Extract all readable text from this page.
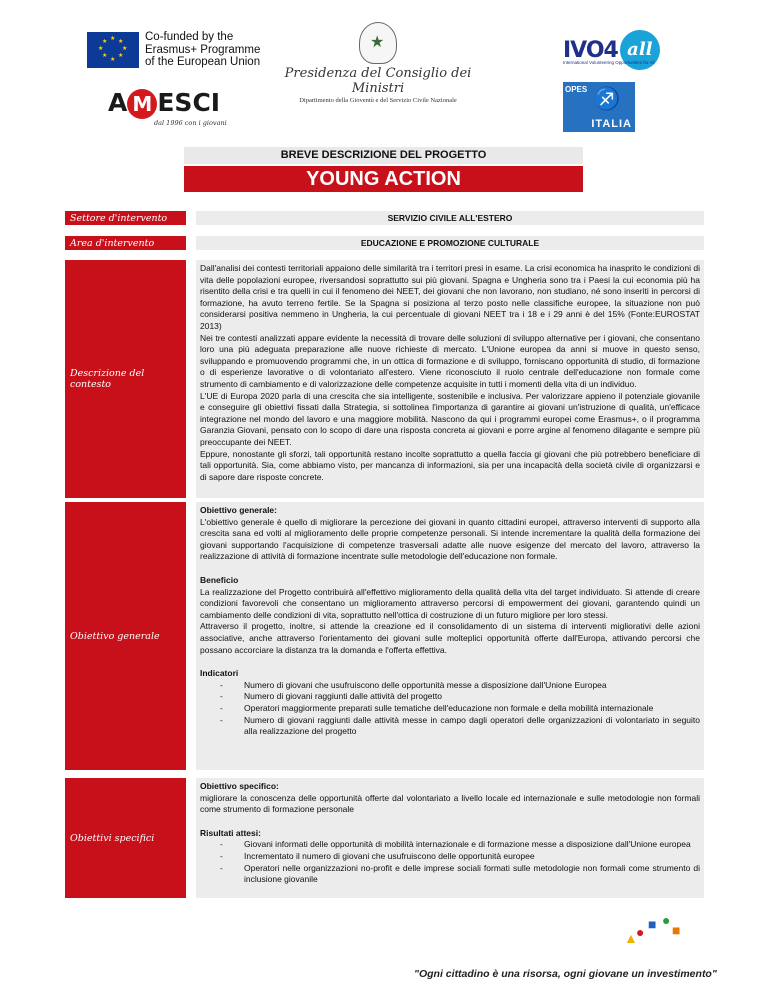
★ ★
★
★
★
★
★
★	Co-funded by the
Erasmus+ Programme
of the European Union
★
Presidenza del Consiglio dei Ministri
Dipartimento della Gioventù e del Servizio Civile Nazionale
IVO4 all
International Volunteering Opportunities for All
A M ESCI
dal 1996 con i giovani
OPES ♐
ITALIA
BREVE DESCRIZIONE DEL PROGETTO
YOUNG ACTION
Settore d'intervento	SERVIZIO CIVILE ALL'ESTERO
Area d'intervento	EDUCAZIONE E PROMOZIONE CULTURALE
Descrizione del contesto

Dall'analisi dei contesti territoriali appaiono delle similarità tra i territori presi in esame. La crisi economica ha inasprito le condizioni di vita delle popolazioni europee, riversandosi soprattutto sui più giovani. Spagna e Ungheria sono tra i Paesi la cui economia più ha risentito della crisi e tra quelli in cui il fenomeno dei NEET, dei giovani che non lavorano, non studiano, né sono inseriti in percorsi di formazione, ha avuto terreno fertile. Se la Spagna si posiziona al terzo posto nelle classifiche europee, la situazione non può considerarsi positiva nemmeno in Ungheria, la cui percentuale di giovani NEET tra i 18 e i 29 anni è del 15% (Fonte:EUROSTAT 2013)

Nei tre contesti analizzati appare evidente la necessità di trovare delle soluzioni di sviluppo alternative per i giovani, che consentano loro una più adeguata preparazione alle nuove richieste di mercato. L'Unione europea da anni si muove in questo senso, sviluppando e promuovendo programmi che, in un ottica di formazione e di sviluppo, forniscano opportunità di studio, di formazione o di esperienze lavorative o di volontariato all'estero. Viene riconosciuto il ruolo centrale dell'educazione non formale come strumento di cambiamento e di valorizzazione delle competenze acquisite in tutti i momenti della vita di un individuo.

L'UE di Europa 2020 parla di una crescita che sia intelligente, sostenibile e inclusiva. Per valorizzare appieno il potenziale giovanile e conseguire gli obiettivi fissati dalla Strategia, si sottolinea l'importanza di garantire ai giovani un'istruzione di qualità, un'efficace integrazione nel mondo del lavoro e una maggiore mobilità. Nascono da qui i programmi europei come Erasmus+, o il programma Garanzia Giovani, pensato con lo scopo di dare una risposta concreta ai giovani e porre argine al fenomeno dilagante e sempre più preoccupante dei NEET.

Eppure, nonostante gli sforzi, tali opportunità restano incolte soprattutto a quella faccia gi giovani che più potrebbero beneficiare di tali opportunità. Sia, come abbiamo visto, per mancanza di informazioni, sia per una incapacità della società civile di organizzarsi e di sapore dare risposte concrete.

Obiettivo generale

Obiettivo generale:

L'obiettivo generale è quello di migliorare la percezione dei giovani in quanto cittadini europei, attraverso interventi di supporto alla crescita sana ed volti al miglioramento delle proprie competenze personali. Si intende incrementare la qualità della formazione dei giovani supportando l'acquisizione di competenze trasversali adatte alle nuove esigenze del mercato del lavoro, attraverso la realizzazione di attività di formazione incentrate sulle metodologie dell'educazione non formale.

Beneficio

La realizzazione del Progetto contribuirà all'effettivo miglioramento della qualità della vita del target individuato. Si attende di creare condizioni favorevoli che consentano un miglioramento attraverso percorsi di empowerment dei giovani, garantendo quindi un cambiamento delle condizioni di vita, soprattutto nell'ottica di costruzione di un futuro migliore per loro stessi.

Attraverso il progetto, inoltre, si attende la creazione ed il consolidamento di un sistema di interventi migliorativi delle azioni associative, anche attraverso l'orientamento dei giovani sulle molteplici opportunità offerte dall'Europa, attivando percorsi che possano accorciare la distanza tra la domanda e l'offerta effettiva.

Indicatori

- Numero di giovani che usufruiscono delle opportunità messe a disposizione dall'Unione Europea
- Numero di giovani raggiunti dalle attività del progetto
- Operatori maggiormente preparati sulle tematiche dell'educazione non formale e della mobilità internazionale
- Numero di giovani raggiunti dalle attività messe in campo dagli operatori delle organizzazioni di volontariato in seguito alla realizzazione del progetto
Obiettivi specifici

Obiettivo specifico:

migliorare la conoscenza delle opportunità offerte dal volontariato a livello locale ed internazionale e sulle metodologie non formali come strumento di formazione personale

Risultati attesi:

- Giovani informati delle opportunità di mobilità internazionale e di formazione messe a disposizione dall'Unione europea
- Incrementato il numero di giovani che usufruiscono delle opportunità europee
- Operatori nelle organizzazioni no-profit e delle imprese sociali formati sulle metodologie non formali come strumento di inclusione giovanile
▲
● ■ ●
■
"Ogni cittadino è una risorsa, ogni giovane un investimento"
